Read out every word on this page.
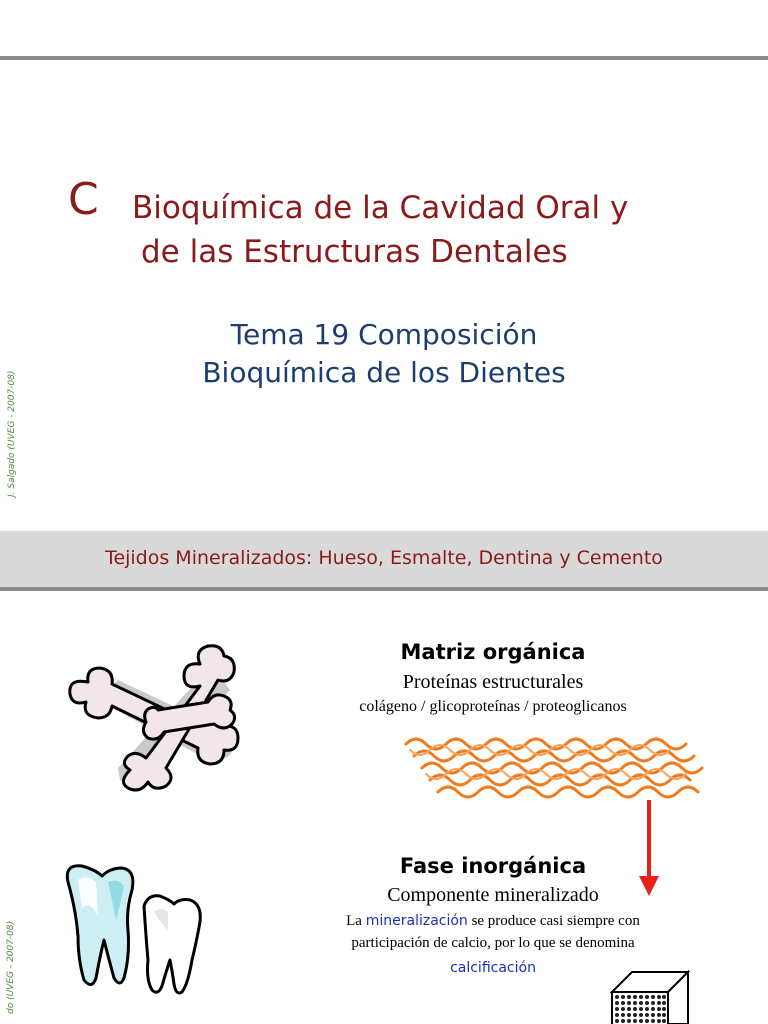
C Bioquímica de la Cavidad Oral y
de las Estructuras Dentales
Tema 19 Composición
Bioquímica de los Dientes
J. Salgado (UVEG - 2007-08)
do (UVEG - 2007-08)
Tejidos Mineralizados: Hueso, Esmalte, Dentina y Cemento
Matriz orgánica
Proteínas estructurales
colágeno / glicoproteínas / proteoglicanos
Fase inorgánica
Componente mineralizado
La mineralización se produce casi siempre con
participación de calcio, por lo que se denomina
calcificación
